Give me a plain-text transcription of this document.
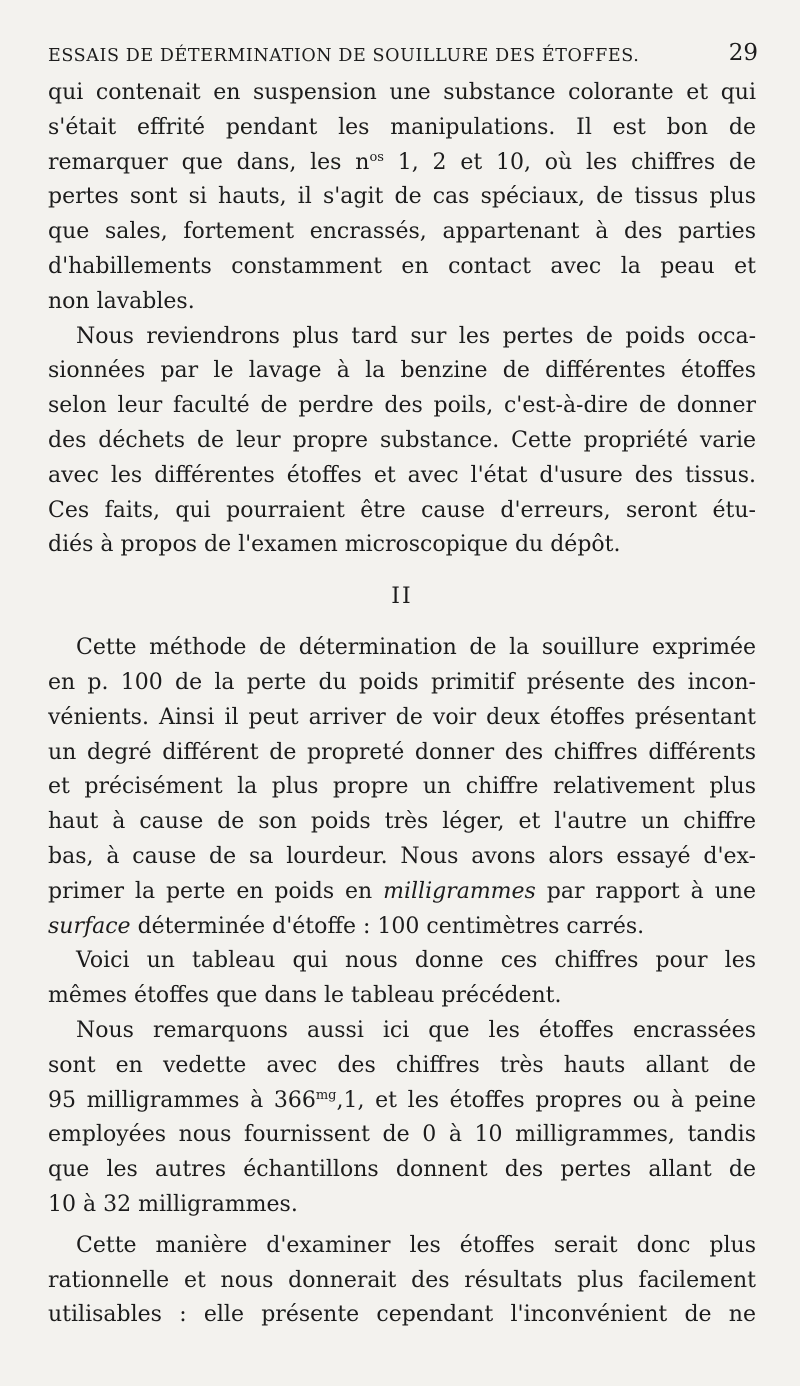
ESSAIS DE DÉTERMINATION DE SOUILLURE DES ÉTOFFES.	29
qui contenait en suspension une substance colorante et qui
s'était effrité pendant les manipulations. Il est bon de
remarquer que dans, les $n^{os}$ 1, 2 et 10, où les chiffres de
pertes sont si hauts, il s'agit de cas spéciaux, de tissus plus
que sales, fortement encrassés, appartenant à des parties
d'habillements constamment en contact avec la peau et
non lavables.
Nous reviendrons plus tard sur les pertes de poids occa-
sionnées par le lavage à la benzine de différentes étoffes
selon leur faculté de perdre des poils, c'est-à-dire de donner
des déchets de leur propre substance. Cette propriété varie
avec les différentes étoffes et avec l'état d'usure des tissus.
Ces faits, qui pourraient être cause d'erreurs, seront étu-
diés à propos de l'examen microscopique du dépôt.
II
Cette méthode de détermination de la souillure exprimée
en p. 100 de la perte du poids primitif présente des incon-
vénients. Ainsi il peut arriver de voir deux étoffes présentant
un degré différent de propreté donner des chiffres différents
et précisément la plus propre un chiffre relativement plus
haut à cause de son poids très léger, et l'autre un chiffre
bas, à cause de sa lourdeur. Nous avons alors essayé d'ex-
primer la perte en poids en milligrammes par rapport à une
surface déterminée d'étoffe : 100 centimètres carrés.
Voici un tableau qui nous donne ces chiffres pour les
mêmes étoffes que dans le tableau précédent.
Nous remarquons aussi ici que les étoffes encrassées
sont en vedette avec des chiffres très hauts allant de
95 milligrammes à $366^{mg},1$, et les étoffes propres ou à peine
employées nous fournissent de 0 à 10 milligrammes, tandis
que les autres échantillons donnent des pertes allant de
10 à 32 milligrammes.
Cette manière d'examiner les étoffes serait donc plus
rationnelle et nous donnerait des résultats plus facilement
utilisables : elle présente cependant l'inconvénient de ne
